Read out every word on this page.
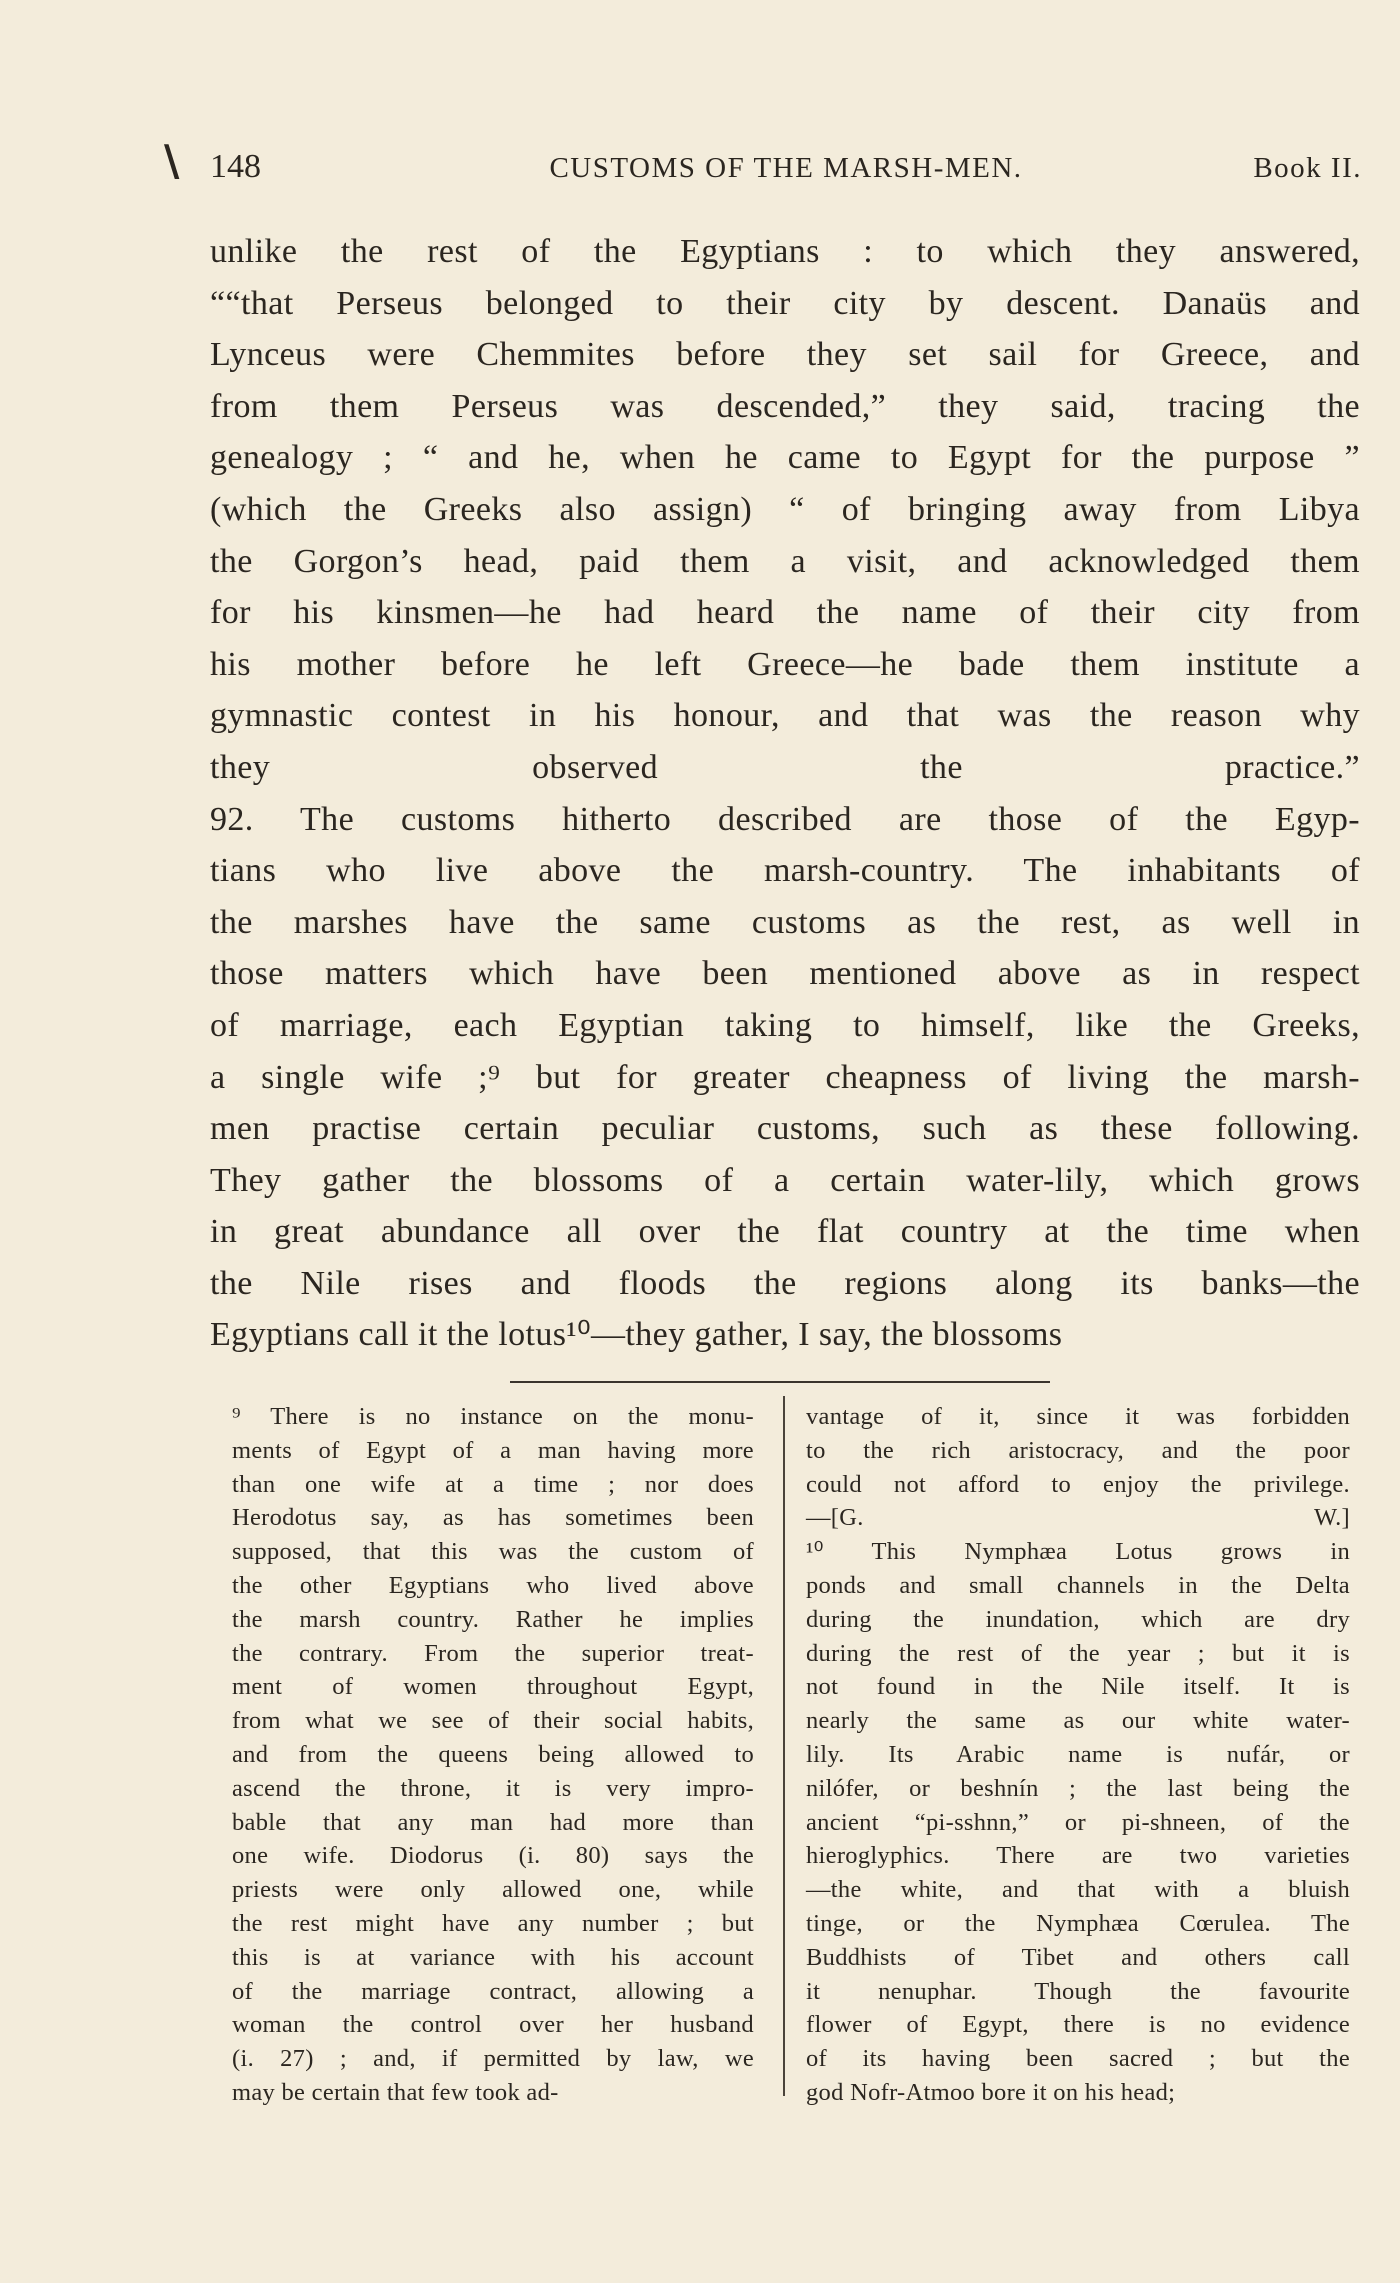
\ 148	CUSTOMS OF THE MARSH-MEN.	Book II.
unlike the rest of the Egyptians : to which they answered,
““that Perseus belonged to their city by descent. Danaüs and
Lynceus were Chemmites before they set sail for Greece, and
from them Perseus was descended,” they said, tracing the
genealogy ; “ and he, when he came to Egypt for the purpose ”
(which the Greeks also assign) “ of bringing away from Libya
the Gorgon’s head, paid them a visit, and acknowledged them
for his kinsmen—he had heard the name of their city from
his mother before he left Greece—he bade them institute a
gymnastic contest in his honour, and that was the reason why
they observed the practice.”
92. The customs hitherto described are those of the Egyp-
tians who live above the marsh-country. The inhabitants of
the marshes have the same customs as the rest, as well in
those matters which have been mentioned above as in respect
of marriage, each Egyptian taking to himself, like the Greeks,
a single wife ;⁹ but for greater cheapness of living the marsh-
men practise certain peculiar customs, such as these following.
They gather the blossoms of a certain water-lily, which grows
in great abundance all over the flat country at the time when
the Nile rises and floods the regions along its banks—the
Egyptians call it the lotus¹⁰—they gather, I say, the blossoms
⁹ There is no instance on the monu-
ments of Egypt of a man having more
than one wife at a time ; nor does
Herodotus say, as has sometimes been
supposed, that this was the custom of
the other Egyptians who lived above
the marsh country. Rather he implies
the contrary. From the superior treat-
ment of women throughout Egypt,
from what we see of their social habits,
and from the queens being allowed to
ascend the throne, it is very impro-
bable that any man had more than
one wife. Diodorus (i. 80) says the
priests were only allowed one, while
the rest might have any number ; but
this is at variance with his account
of the marriage contract, allowing a
woman the control over her husband
(i. 27) ; and, if permitted by law, we
may be certain that few took ad-
vantage of it, since it was forbidden
to the rich aristocracy, and the poor
could not afford to enjoy the privilege.
—[G. W.]
¹⁰ This Nymphæa Lotus grows in
ponds and small channels in the Delta
during the inundation, which are dry
during the rest of the year ; but it is
not found in the Nile itself. It is
nearly the same as our white water-
lily. Its Arabic name is nufár, or
nilófer, or beshnín ; the last being the
ancient “pi-sshnn,” or pi-shneen, of the
hieroglyphics. There are two varieties
—the white, and that with a bluish
tinge, or the Nymphæa Cœrulea. The
Buddhists of Tibet and others call
it nenuphar. Though the favourite
flower of Egypt, there is no evidence
of its having been sacred ; but the
god Nofr-Atmoo bore it on his head;
